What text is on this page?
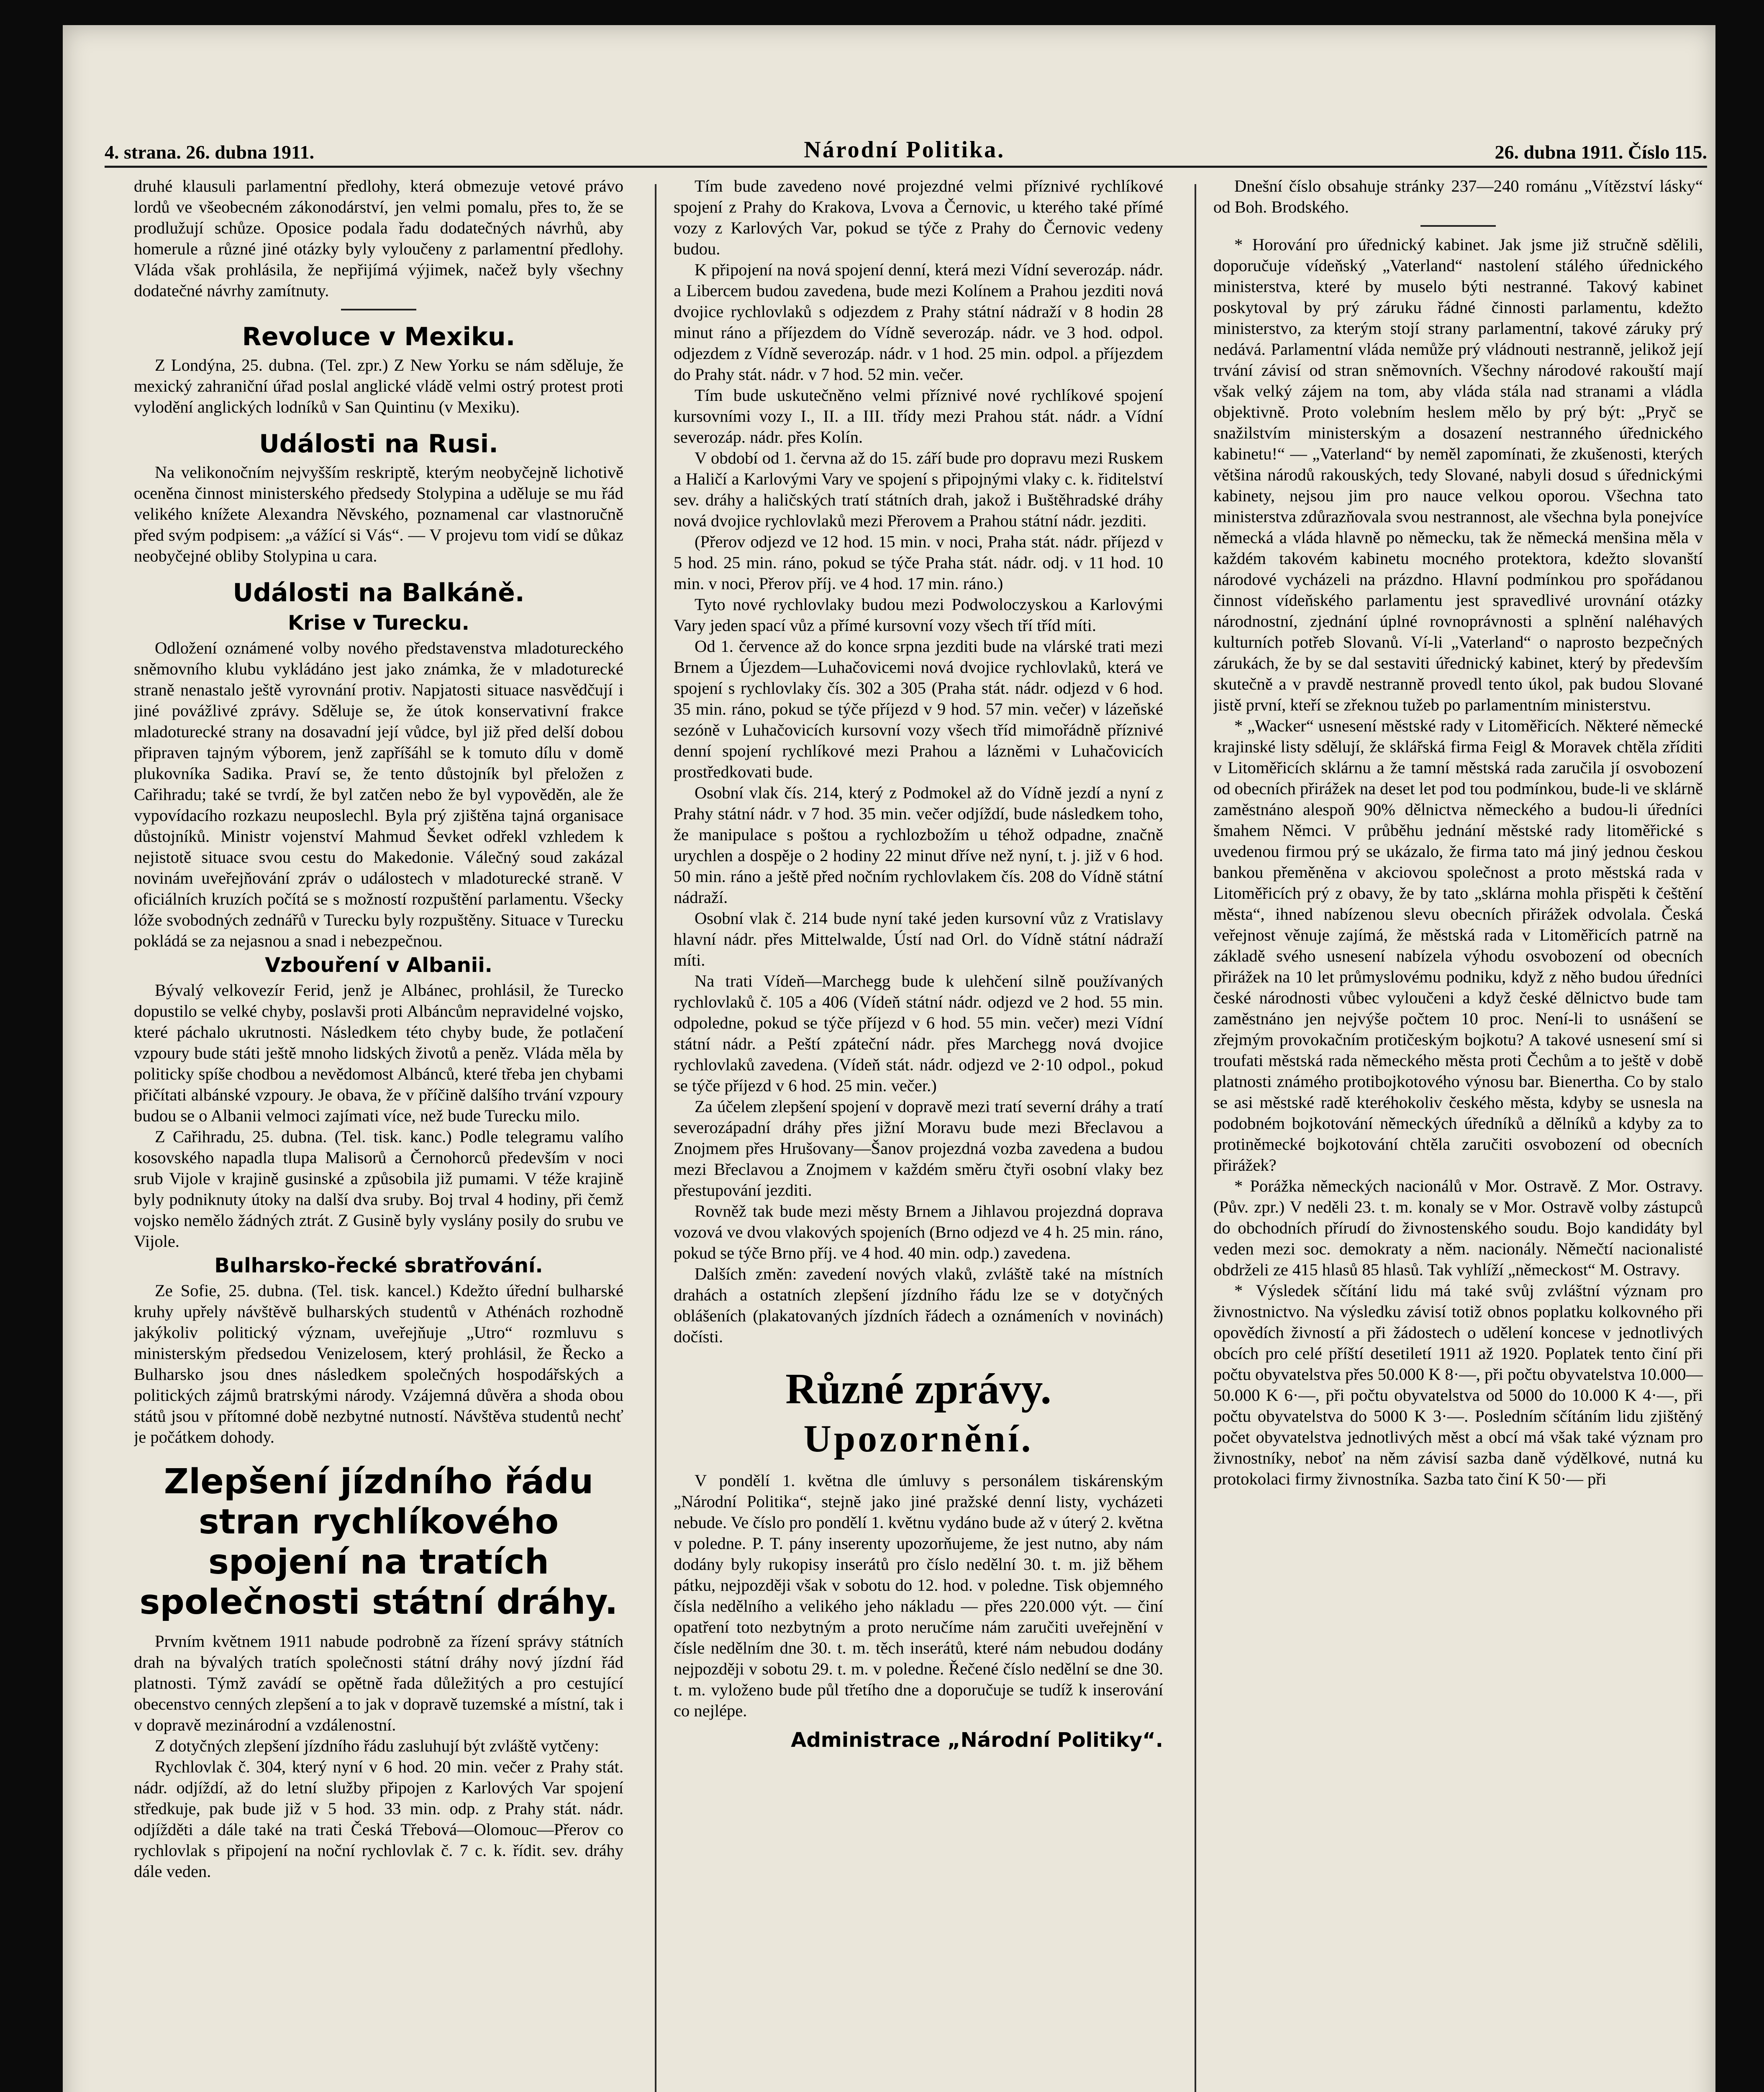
4. strana. 26. dubna 1911.	Národní Politika.	26. dubna 1911. Číslo 115.

druhé klausuli parlamentní předlohy, která obmezuje vetové právo lordů ve všeobecném zákonodárství, jen velmi pomalu, přes to, že se prodlužují schůze. Oposice podala řadu dodatečných návrhů, aby homerule a různé jiné otázky byly vyloučeny z parlamentní předlohy. Vláda však prohlásila, že nepřijímá výjimek, načež byly všechny dodatečné návrhy zamítnuty.

Revoluce v Mexiku.

Z Londýna, 25. dubna. (Tel. zpr.) Z New Yorku se nám sděluje, že mexický zahraniční úřad poslal anglické vládě velmi ostrý protest proti vylodění anglických lodníků v San Quintinu (v Mexiku).

Události na Rusi.

Na velikonočním nejvyšším reskriptě, kterým neobyčejně lichotivě oceněna činnost ministerského předsedy Stolypina a uděluje se mu řád velikého knížete Alexandra Něvského, poznamenal car vlastnoručně před svým podpisem: „a vážící si Vás“. — V projevu tom vidí se důkaz neobyčejné obliby Stolypina u cara.

Události na Balkáně.
Krise v Turecku.

Odložení oznámené volby nového představenstva mladotureckého sněmovního klubu vykládáno jest jako známka, že v mladoturecké straně nenastalo ještě vyrovnání protiv. Napjatosti situace nasvědčují i jiné povážlivé zprávy. Sděluje se, že útok konservativní frakce mladoturecké strany na dosavadní její vůdce, byl již před delší dobou připraven tajným výborem, jenž zapříšáhl se k tomuto dílu v domě plukovníka Sadika. Praví se, že tento důstojník byl přeložen z Cařihradu; také se tvrdí, že byl zatčen nebo že byl vypověděn, ale že vypovídacího rozkazu neuposlechl. Byla prý zjištěna tajná organisace důstojníků. Ministr vojenství Mahmud Ševket odřekl vzhledem k nejistotě situace svou cestu do Makedonie. Válečný soud zakázal novinám uveřejňování zpráv o událostech v mladoturecké straně. V oficiálních kruzích počítá se s možností rozpuštění parlamentu. Všecky lóže svobodných zednářů v Turecku byly rozpuštěny. Situace v Turecku pokládá se za nejasnou a snad i nebezpečnou.

Vzbouření v Albanii.

Bývalý velkovezír Ferid, jenž je Albánec, prohlásil, že Turecko dopustilo se velké chyby, poslavši proti Albáncům nepravidelné vojsko, které páchalo ukrutnosti. Následkem této chyby bude, že potlačení vzpoury bude státi ještě mnoho lidských životů a peněz. Vláda měla by politicky spíše chodbou a nevědomost Albánců, které třeba jen chybami přičítati albánské vzpoury. Je obava, že v příčině dalšího trvání vzpoury budou se o Albanii velmoci zajímati více, než bude Turecku milo.

Z Cařihradu, 25. dubna. (Tel. tisk. kanc.) Podle telegramu valího kosovského napadla tlupa Malisorů a Černohorců především v noci srub Vijole v krajině gusinské a způsobila již pumami. V téže krajině byly podniknuty útoky na další dva sruby. Boj trval 4 hodiny, při čemž vojsko nemělo žádných ztrát. Z Gusině byly vyslány posily do srubu ve Vijole.

Bulharsko-řecké sbratřování.

Ze Sofie, 25. dubna. (Tel. tisk. kancel.) Kdežto úřední bulharské kruhy upřely návštěvě bulharských studentů v Athénách rozhodně jakýkoliv politický význam, uveřejňuje „Utro“ rozmluvu s ministerským předsedou Venizelosem, který prohlásil, že Řecko a Bulharsko jsou dnes následkem společných hospodářských a politických zájmů bratrskými národy. Vzájemná důvěra a shoda obou států jsou v přítomné době nezbytné nutností. Návštěva studentů nechť je počátkem dohody.

Zlepšení jízdního řádu stran rychlíkového spojení na tratích společnosti státní dráhy.

Prvním květnem 1911 nabude podrobně za řízení správy státních drah na bývalých tratích společnosti státní dráhy nový jízdní řád platnosti. Týmž zavádí se opětně řada důležitých a pro cestující obecenstvo cenných zlepšení a to jak v dopravě tuzemské a místní, tak i v dopravě mezinárodní a vzdálenostní.

Z dotyčných zlepšení jízdního řádu zasluhují být zvláště vytčeny:

Rychlovlak č. 304, který nyní v 6 hod. 20 min. večer z Prahy stát. nádr. odjíždí, až do letní služby připojen z Karlových Var spojení středkuje, pak bude již v 5 hod. 33 min. odp. z Prahy stát. nádr. odjížděti a dále také na trati Česká Třebová—Olomouc—Přerov co rychlovlak s připojení na noční rychlovlak č. 7 c. k. řídit. sev. dráhy dále veden.

Tím bude zavedeno nové projezdné velmi příznivé rychlíkové spojení z Prahy do Krakova, Lvova a Černovic, u kterého také přímé vozy z Karlových Var, pokud se týče z Prahy do Černovic vedeny budou.

K připojení na nová spojení denní, která mezi Vídní severozáp. nádr. a Libercem budou zavedena, bude mezi Kolínem a Prahou jezditi nová dvojice rychlovlaků s odjezdem z Prahy státní nádraží v 8 hodin 28 minut ráno a příjezdem do Vídně severozáp. nádr. ve 3 hod. odpol. odjezdem z Vídně severozáp. nádr. v 1 hod. 25 min. odpol. a příjezdem do Prahy stát. nádr. v 7 hod. 52 min. večer.

Tím bude uskutečněno velmi příznivé nové rychlíkové spojení kursovními vozy I., II. a III. třídy mezi Prahou stát. nádr. a Vídní severozáp. nádr. přes Kolín.

V období od 1. června až do 15. září bude pro dopravu mezi Ruskem a Haličí a Karlovými Vary ve spojení s připojnými vlaky c. k. řiditelství sev. dráhy a haličských tratí státních drah, jakož i Buštěhradské dráhy nová dvojice rychlovlaků mezi Přerovem a Prahou státní nádr. jezditi.

(Přerov odjezd ve 12 hod. 15 min. v noci, Praha stát. nádr. příjezd v 5 hod. 25 min. ráno, pokud se týče Praha stát. nádr. odj. v 11 hod. 10 min. v noci, Přerov příj. ve 4 hod. 17 min. ráno.)

Tyto nové rychlovlaky budou mezi Podwoloczyskou a Karlovými Vary jeden spací vůz a přímé kursovní vozy všech tří tříd míti.

Od 1. července až do konce srpna jezditi bude na vlárské trati mezi Brnem a Újezdem—Luhačovicemi nová dvojice rychlovlaků, která ve spojení s rychlovlaky čís. 302 a 305 (Praha stát. nádr. odjezd v 6 hod. 35 min. ráno, pokud se týče příjezd v 9 hod. 57 min. večer) v lázeňské sezóně v Luhačovicích kursovní vozy všech tříd mimořádně příznivé denní spojení rychlíkové mezi Prahou a lázněmi v Luhačovicích prostředkovati bude.

Osobní vlak čís. 214, který z Podmokel až do Vídně jezdí a nyní z Prahy státní nádr. v 7 hod. 35 min. večer odjíždí, bude následkem toho, že manipulace s poštou a rychlozbožím u téhož odpadne, značně urychlen a dospěje o 2 hodiny 22 minut dříve než nyní, t. j. již v 6 hod. 50 min. ráno a ještě před nočním rychlovlakem čís. 208 do Vídně státní nádraží.

Osobní vlak č. 214 bude nyní také jeden kursovní vůz z Vratislavy hlavní nádr. přes Mittelwalde, Ústí nad Orl. do Vídně státní nádraží míti.

Na trati Vídeň—Marchegg bude k ulehčení silně používaných rychlovlaků č. 105 a 406 (Vídeň státní nádr. odjezd ve 2 hod. 55 min. odpoledne, pokud se týče příjezd v 6 hod. 55 min. večer) mezi Vídní státní nádr. a Peští zpáteční nádr. přes Marchegg nová dvojice rychlovlaků zavedena. (Vídeň stát. nádr. odjezd ve 2·10 odpol., pokud se týče příjezd v 6 hod. 25 min. večer.)

Za účelem zlepšení spojení v dopravě mezi tratí severní dráhy a tratí severozápadní dráhy přes jižní Moravu bude mezi Břeclavou a Znojmem přes Hrušovany—Šanov projezdná vozba zavedena a budou mezi Břeclavou a Znojmem v každém směru čtyři osobní vlaky bez přestupování jezditi.

Rovněž tak bude mezi městy Brnem a Jihlavou projezdná doprava vozová ve dvou vlakových spojeních (Brno odjezd ve 4 h. 25 min. ráno, pokud se týče Brno příj. ve 4 hod. 40 min. odp.) zavedena.

Dalších změn: zavedení nových vlaků, zvláště také na místních drahách a ostatních zlepšení jízdního řádu lze se v dotyčných oblášeních (plakatovaných jízdních řádech a oznámeních v novinách) dočísti.

Různé zprávy.
Upozornění.

V pondělí 1. května dle úmluvy s personálem tiskárenským „Národní Politika“, stejně jako jiné pražské denní listy, vycházeti nebude. Ve číslo pro pondělí 1. květnu vydáno bude až v úterý 2. května v poledne. P. T. pány inserenty upozorňujeme, že jest nutno, aby nám dodány byly rukopisy inserátů pro číslo nedělní 30. t. m. již během pátku, nejpozději však v sobotu do 12. hod. v poledne. Tisk objemného čísla nedělního a velikého jeho nákladu — přes 220.000 výt. — činí opatření toto nezbytným a proto neručíme nám zaručiti uveřejnění v čísle nedělním dne 30. t. m. těch inserátů, které nám nebudou dodány nejpozději v sobotu 29. t. m. v poledne. Řečené číslo nedělní se dne 30. t. m. vyloženo bude půl třetího dne a doporučuje se tudíž k inserování co nejlépe.

Administrace „Národní Politiky“.

Dnešní číslo obsahuje stránky 237—240 románu „Vítězství lásky“ od Boh. Brodského.

* Horování pro úřednický kabinet. Jak jsme již stručně sdělili, doporučuje vídeňský „Vaterland“ nastolení stálého úřednického ministerstva, které by muselo býti nestranné. Takový kabinet poskytoval by prý záruku řádné činnosti parlamentu, kdežto ministerstvo, za kterým stojí strany parlamentní, takové záruky prý nedává. Parlamentní vláda nemůže prý vládnouti nestranně, jelikož její trvání závisí od stran sněmovních. Všechny národové rakouští mají však velký zájem na tom, aby vláda stála nad stranami a vládla objektivně. Proto volebním heslem mělo by prý být: „Pryč se snažilstvím ministerským a dosazení nestranného úřednického kabinetu!“ — „Vaterland“ by neměl zapomínati, že zkušenosti, kterých většina národů rakouských, tedy Slované, nabyli dosud s úřednickými kabinety, nejsou jim pro nauce velkou oporou. Všechna tato ministerstva zdůrazňovala svou nestrannost, ale všechna byla ponejvíce německá a vláda hlavně po německu, tak že německá menšina měla v každém takovém kabinetu mocného protektora, kdežto slovanští národové vycházeli na prázdno. Hlavní podmínkou pro spořádanou činnost vídeňského parlamentu jest spravedlivé urovnání otázky národnostní, zjednání úplné rovnoprávnosti a splnění naléhavých kulturních potřeb Slovanů. Ví-li „Vaterland“ o naprosto bezpečných zárukách, že by se dal sestaviti úřednický kabinet, který by především skutečně a v pravdě nestranně provedl tento úkol, pak budou Slované jistě první, kteří se zřeknou tužeb po parlamentním ministerstvu.

* „Wacker“ usnesení městské rady v Litoměřicích. Některé německé krajinské listy sdělují, že sklářská firma Feigl & Moravek chtěla zříditi v Litoměřicích sklárnu a že tamní městská rada zaručila jí osvobození od obecních přirážek na deset let pod tou podmínkou, bude-li ve sklárně zaměstnáno alespoň 90% dělnictva německého a budou-li úředníci šmahem Němci. V průběhu jednání městské rady litoměřické s uvedenou firmou prý se ukázalo, že firma tato má jiný jednou českou bankou přeměněna v akciovou společnost a proto městská rada v Litoměřicích prý z obavy, že by tato „sklárna mohla přispěti k češtění města“, ihned nabízenou slevu obecních přirážek odvolala. Česká veřejnost věnuje zajímá, že městská rada v Litoměřicích patrně na základě svého usnesení nabízela výhodu osvobození od obecních přirážek na 10 let průmyslovému podniku, když z něho budou úředníci české národnosti vůbec vyloučeni a když české dělnictvo bude tam zaměstnáno jen nejvýše počtem 10 proc. Není-li to usnášení se zřejmým provokačním protičeským bojkotu? A takové usnesení smí si troufati městská rada německého města proti Čechům a to ještě v době platnosti známého protibojkotového výnosu bar. Bienertha. Co by stalo se asi městské radě kteréhokoliv českého města, kdyby se usnesla na podobném bojkotování německých úředníků a dělníků a kdyby za to protiněmecké bojkotování chtěla zaručiti osvobození od obecních přirážek?

* Porážka německých nacionálů v Mor. Ostravě. Z Mor. Ostravy. (Pův. zpr.) V neděli 23. t. m. konaly se v Mor. Ostravě volby zástupců do obchodních přírudí do živnostenského soudu. Bojo kandidáty byl veden mezi soc. demokraty a něm. nacionály. Němečtí nacionalisté obdrželi ze 415 hlasů 85 hlasů. Tak vyhlíží „německost“ M. Ostravy.

* Výsledek sčítání lidu má také svůj zvláštní význam pro živnostnictvo. Na výsledku závisí totiž obnos poplatku kolkovného při opovědích živností a při žádostech o udělení koncese v jednotlivých obcích pro celé příští desetiletí 1911 až 1920. Poplatek tento činí při počtu obyvatelstva přes 50.000 K 8·—, při počtu obyvatelstva 10.000—50.000 K 6·—, při počtu obyvatelstva od 5000 do 10.000 K 4·—, při počtu obyvatelstva do 5000 K 3·—. Posledním sčítáním lidu zjištěný počet obyvatelstva jednotlivých měst a obcí má však také význam pro živnostníky, neboť na něm závisí sazba daně výdělkové, nutná ku protokolaci firmy živnostníka. Sazba tato činí K 50·— při
